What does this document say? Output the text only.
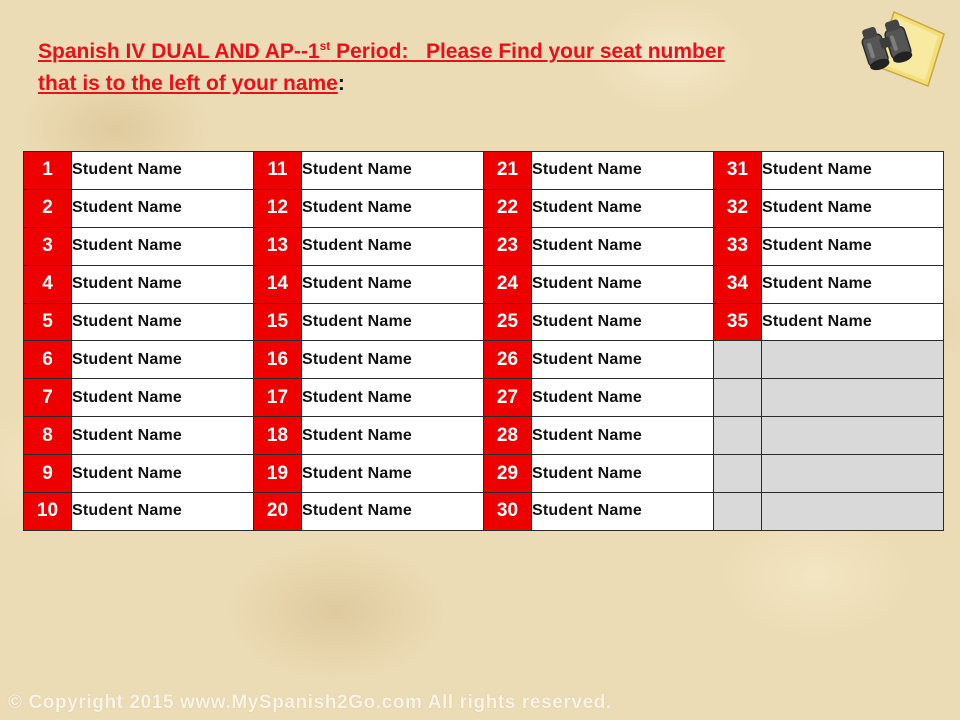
Spanish IV DUAL AND AP--1st Period:   Please Find your seat number
that is to the left of your name:
1	Student Name	11	Student Name	21	Student Name	31	Student Name
2	Student Name	12	Student Name	22	Student Name	32	Student Name
3	Student Name	13	Student Name	23	Student Name	33	Student Name
4	Student Name	14	Student Name	24	Student Name	34	Student Name
5	Student Name	15	Student Name	25	Student Name	35	Student Name
6	Student Name	16	Student Name	26	Student Name		
7	Student Name	17	Student Name	27	Student Name		
8	Student Name	18	Student Name	28	Student Name		
9	Student Name	19	Student Name	29	Student Name		
10	Student Name	20	Student Name	30	Student Name		
© Copyright 2015 www.MySpanish2Go.com All rights reserved.
